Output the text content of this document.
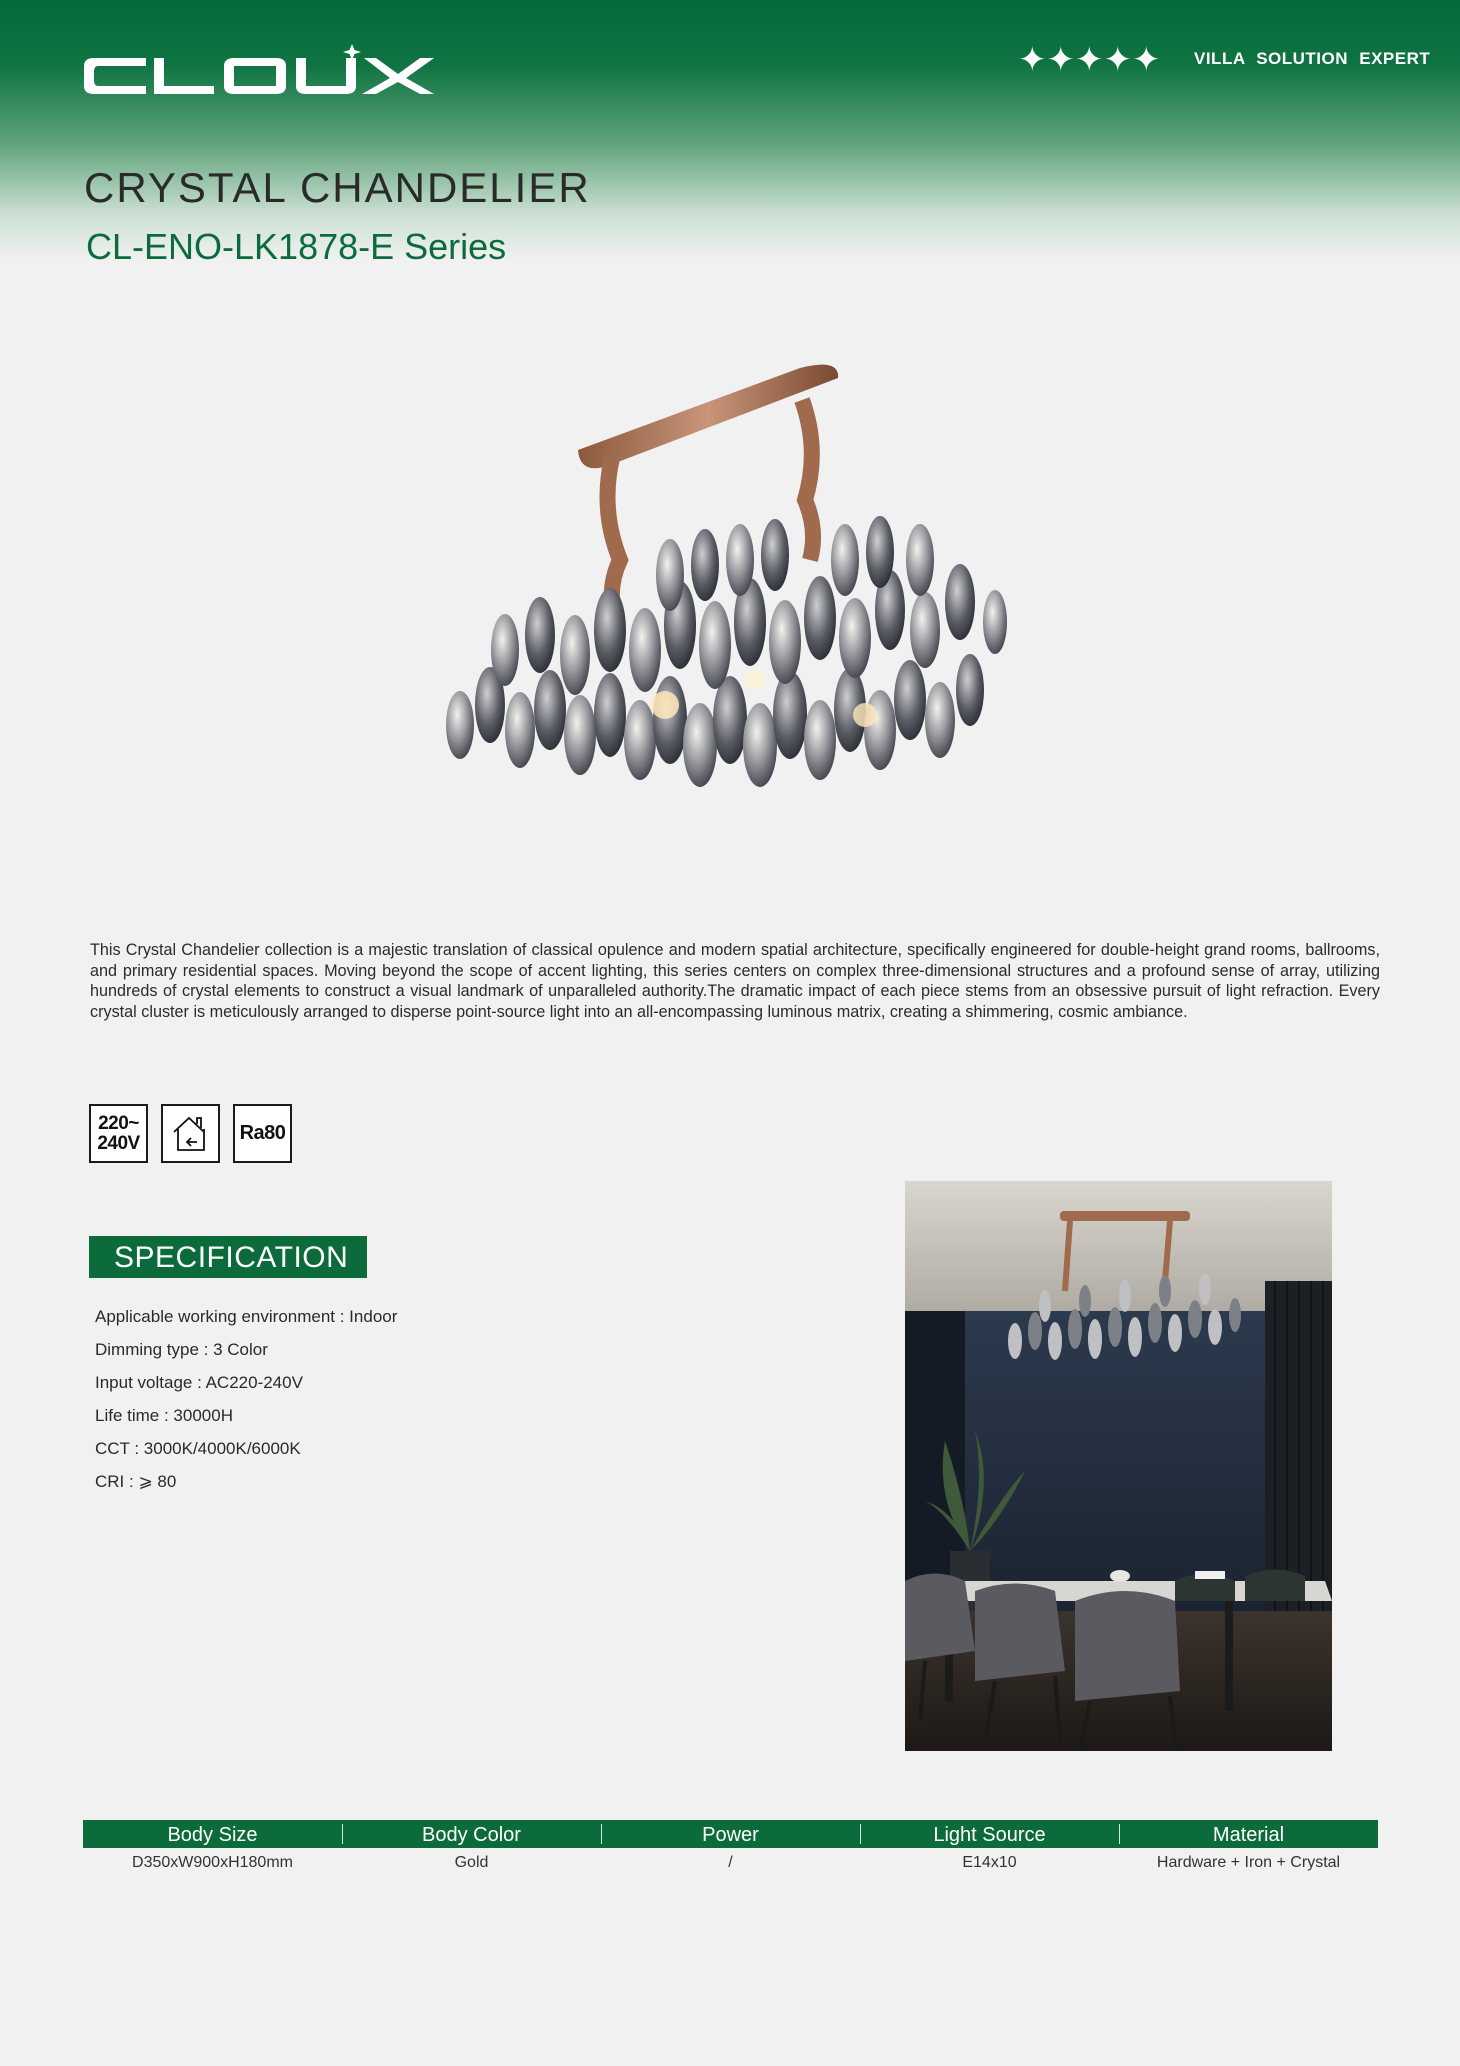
✦✦✦✦✦ VILLA SOLUTION EXPERT
CRYSTAL CHANDELIER
CL-ENO-LK1878-E Series

This Crystal Chandelier collection is a majestic translation of classical opulence and modern spatial architecture, specifically engineered for double-height grand rooms, ballrooms, and primary residential spaces. Moving beyond the scope of accent lighting, this series centers on complex three-dimensional structures and a profound sense of array, utilizing hundreds of crystal elements to construct a visual landmark of unparalleled authority.The dramatic impact of each piece stems from an obsessive pursuit of light refraction. Every crystal cluster is meticulously arranged to disperse point-source light into an all-encompassing luminous matrix, creating a shimmering, cosmic ambiance.

220~
240V	Ra80
SPECIFICATION
Applicable working environment : Indoor
Dimming type : 3 Color
Input voltage : AC220-240V
Life time : 30000H
CCT : 3000K/4000K/6000K
CRI : ⩾ 80
Body Size	Body Color	Power	Light Source	Material
D350xW900xH180mm	Gold	/	E14x10	Hardware + Iron + Crystal
